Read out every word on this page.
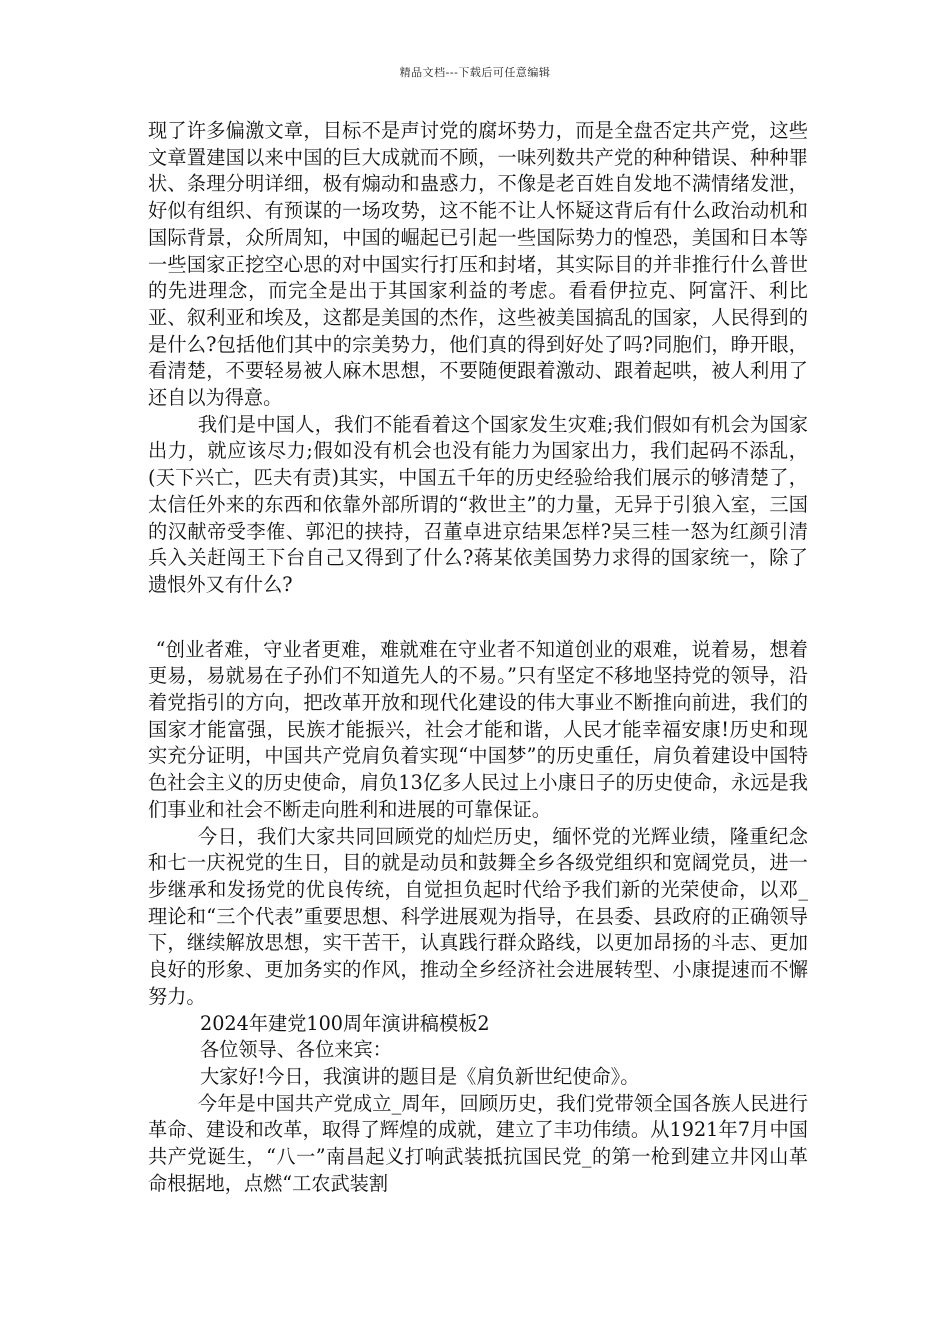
精品文档---下载后可任意编辑

现了许多偏激文章，目标不是声讨党的腐坏势力，而是全盘否定共产党，这些文章置建国以来中国的巨大成就而不顾，一味列数共产党的种种错误、种种罪状、条理分明详细，极有煽动和蛊惑力，不像是老百姓自发地不满情绪发泄，好似有组织、有预谋的一场攻势，这不能不让人怀疑这背后有什么政治动机和国际背景，众所周知，中国的崛起已引起一些国际势力的惶恐，美国和日本等一些国家正挖空心思的对中国实行打压和封堵，其实际目的并非推行什么普世的先进理念，而完全是出于其国家利益的考虑。看看伊拉克、阿富汗、利比亚、叙利亚和埃及，这都是美国的杰作，这些被美国搞乱的国家，人民得到的是什么?包括他们其中的宗美势力，他们真的得到好处了吗?同胞们，睁开眼，看清楚，不要轻易被人麻木思想，不要随便跟着激动、跟着起哄，被人利用了还自以为得意。

我们是中国人，我们不能看着这个国家发生灾难;我们假如有机会为国家出力，就应该尽力;假如没有机会也没有能力为国家出力，我们起码不添乱，(天下兴亡，匹夫有责)其实，中国五千年的历史经验给我们展示的够清楚了，太信任外来的东西和依靠外部所谓的“救世主”的力量，无异于引狼入室，三国的汉献帝受李傕、郭汜的挟持，召董卓进京结果怎样?吴三桂一怒为红颜引清兵入关赶闯王下台自己又得到了什么?蒋某依美国势力求得的国家统一，除了遗恨外又有什么?

“创业者难，守业者更难，难就难在守业者不知道创业的艰难，说着易，想着更易，易就易在子孙们不知道先人的不易。”只有坚定不移地坚持党的领导，沿着党指引的方向，把改革开放和现代化建设的伟大事业不断推向前进，我们的国家才能富强，民族才能振兴，社会才能和谐，人民才能幸福安康!历史和现实充分证明，中国共产党肩负着实现“中国梦”的历史重任，肩负着建设中国特色社会主义的历史使命，肩负13亿多人民过上小康日子的历史使命，永远是我们事业和社会不断走向胜利和进展的可靠保证。

今日，我们大家共同回顾党的灿烂历史，缅怀党的光辉业绩，隆重纪念和七一庆祝党的生日，目的就是动员和鼓舞全乡各级党组织和宽阔党员，进一步继承和发扬党的优良传统，自觉担负起时代给予我们新的光荣使命，以邓_理论和“三个代表”重要思想、科学进展观为指导，在县委、县政府的正确领导下，继续解放思想，实干苦干，认真践行群众路线，以更加昂扬的斗志、更加良好的形象、更加务实的作风，推动全乡经济社会进展转型、小康提速而不懈努力。

2024年建党100周年演讲稿模板2

各位领导、各位来宾：

大家好!今日，我演讲的题目是《肩负新世纪使命》。

今年是中国共产党成立_周年，回顾历史，我们党带领全国各族人民进行革命、建设和改革，取得了辉煌的成就，建立了丰功伟绩。从1921年7月中国共产党诞生，“八一”南昌起义打响武装抵抗国民党_的第一枪到建立井冈山革命根据地，点燃“工农武装割
